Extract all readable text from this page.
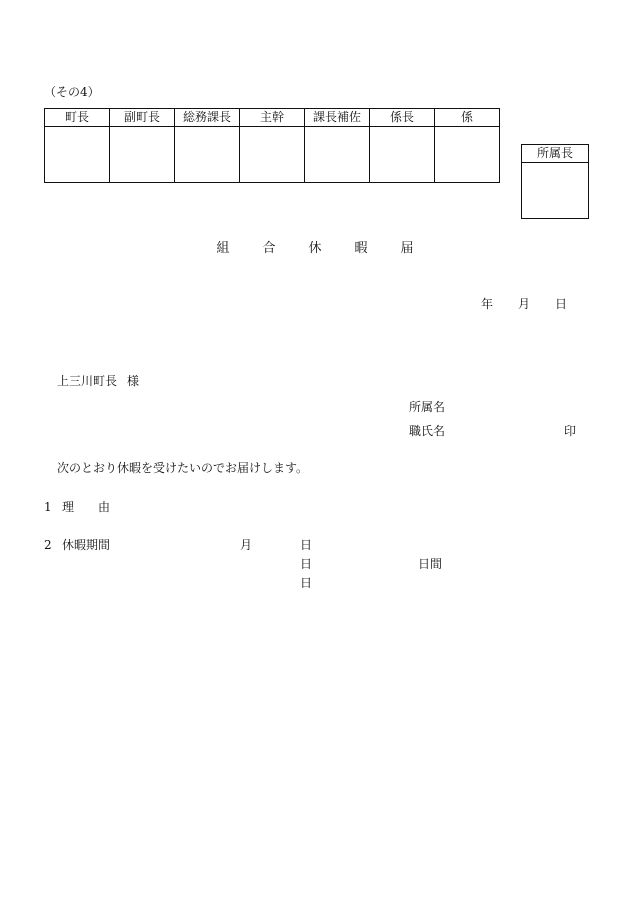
（その4）
町長	副町長	総務課長	主幹	課長補佐	係長	係

所属長

組	合	休	暇	届
年 月 日
上三川町長 様
所属名
職氏名	印
次のとおり休暇を受けたいのでお届けします。
1 理 由
2 休暇期間	月	日
日	日間
日
